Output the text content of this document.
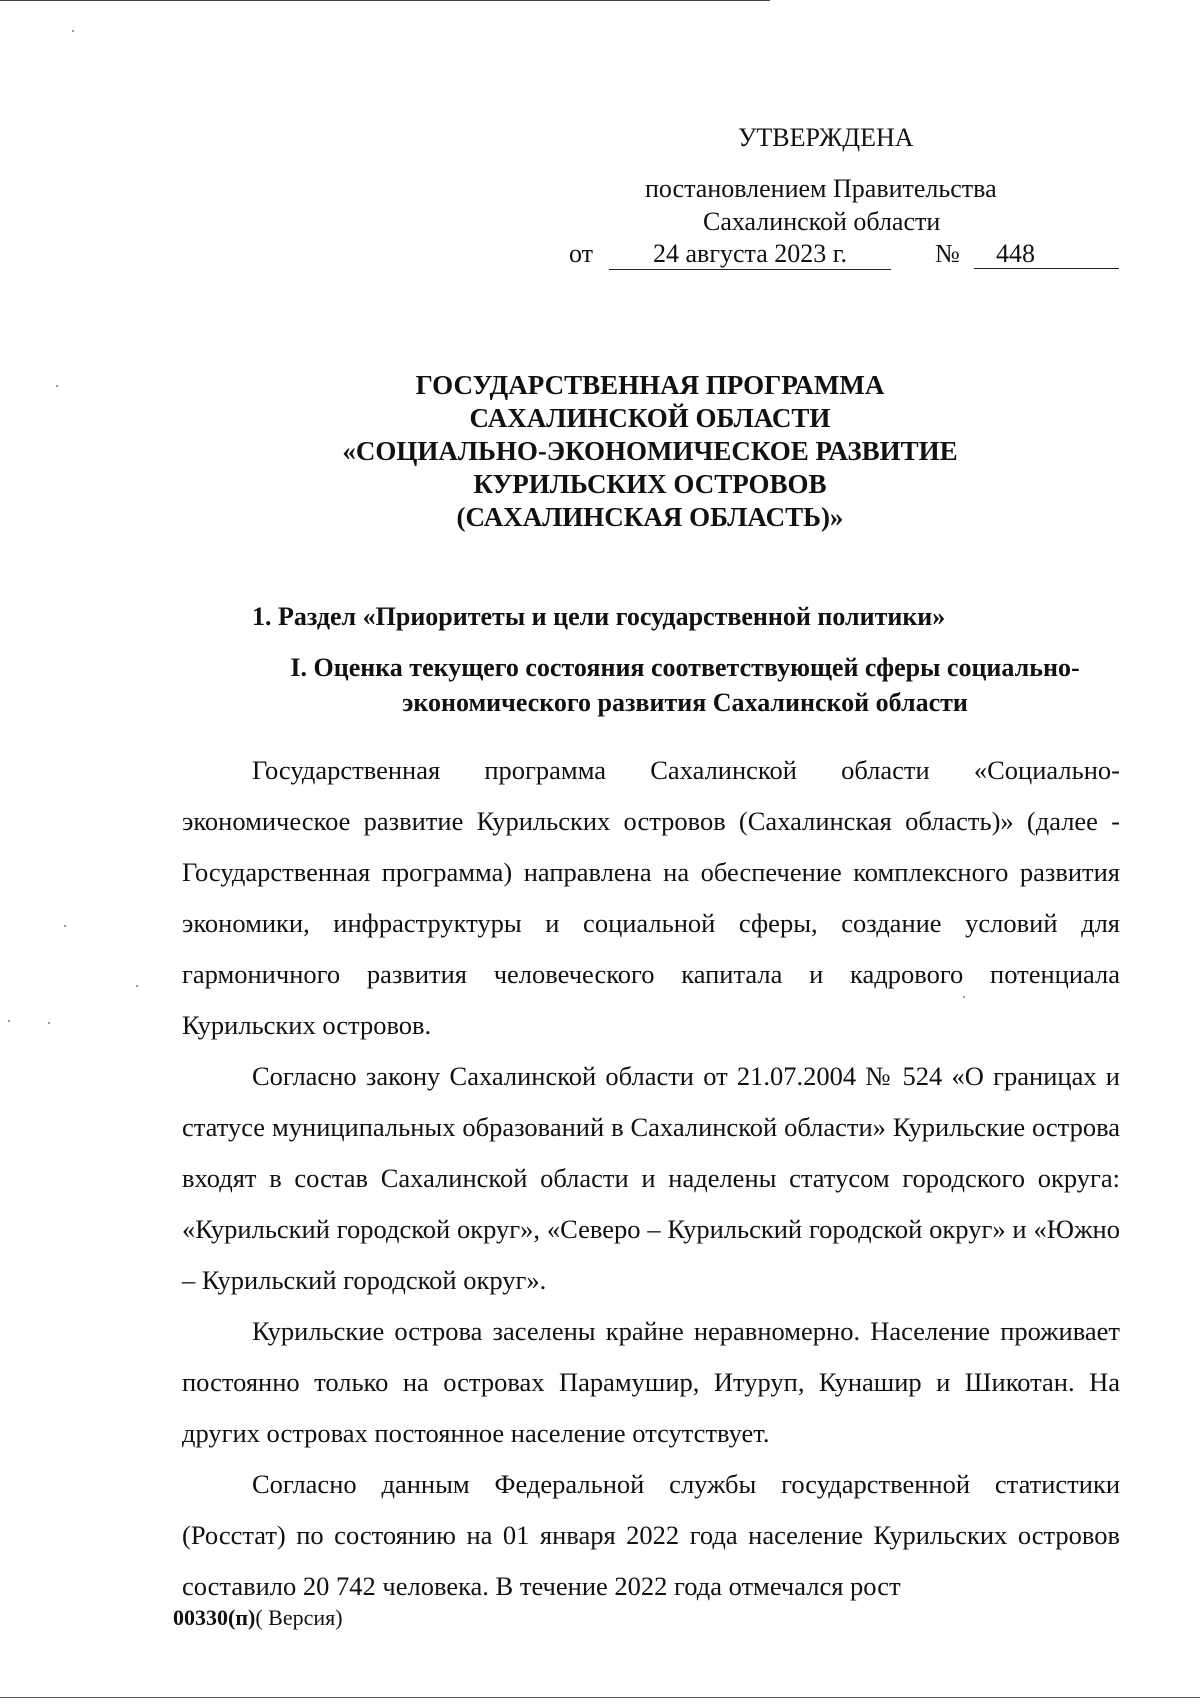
УТВЕРЖДЕНА
постановлением Правительства
Сахалинской области
от	24 августа 2023 г.	№	448
ГОСУДАРСТВЕННАЯ ПРОГРАММА
САХАЛИНСКОЙ ОБЛАСТИ
«СОЦИАЛЬНО-ЭКОНОМИЧЕСКОЕ РАЗВИТИЕ
КУРИЛЬСКИХ ОСТРОВОВ
(САХАЛИНСКАЯ ОБЛАСТЬ)»
1. Раздел «Приоритеты и цели государственной политики»
I. Оценка текущего состояния соответствующей сферы социально-
экономического развития Сахалинской области

Государственная программа Сахалинской области «Социально-экономическое развитие Курильских островов (Сахалинская область)» (далее - Государственная программа) направлена на обеспечение комплексного развития экономики, инфраструктуры и социальной сферы, создание условий для гармоничного развития человеческого капитала и кадрового потенциала Курильских островов.

Согласно закону Сахалинской области от 21.07.2004 № 524 «О границах и статусе муниципальных образований в Сахалинской области» Курильские острова входят в состав Сахалинской области и наделены статусом городского округа: «Курильский городской округ», «Северо – Курильский городской округ» и «Южно – Курильский городской округ».

Курильские острова заселены крайне неравномерно. Население проживает постоянно только на островах Парамушир, Итуруп, Кунашир и Шикотан. На других островах постоянное население отсутствует.

Согласно данным Федеральной службы государственной статистики (Росстат) по состоянию на 01 января 2022 года население Курильских островов составило 20 742 человека. В течение 2022 года отмечался рост

00330(п)( Версия)
